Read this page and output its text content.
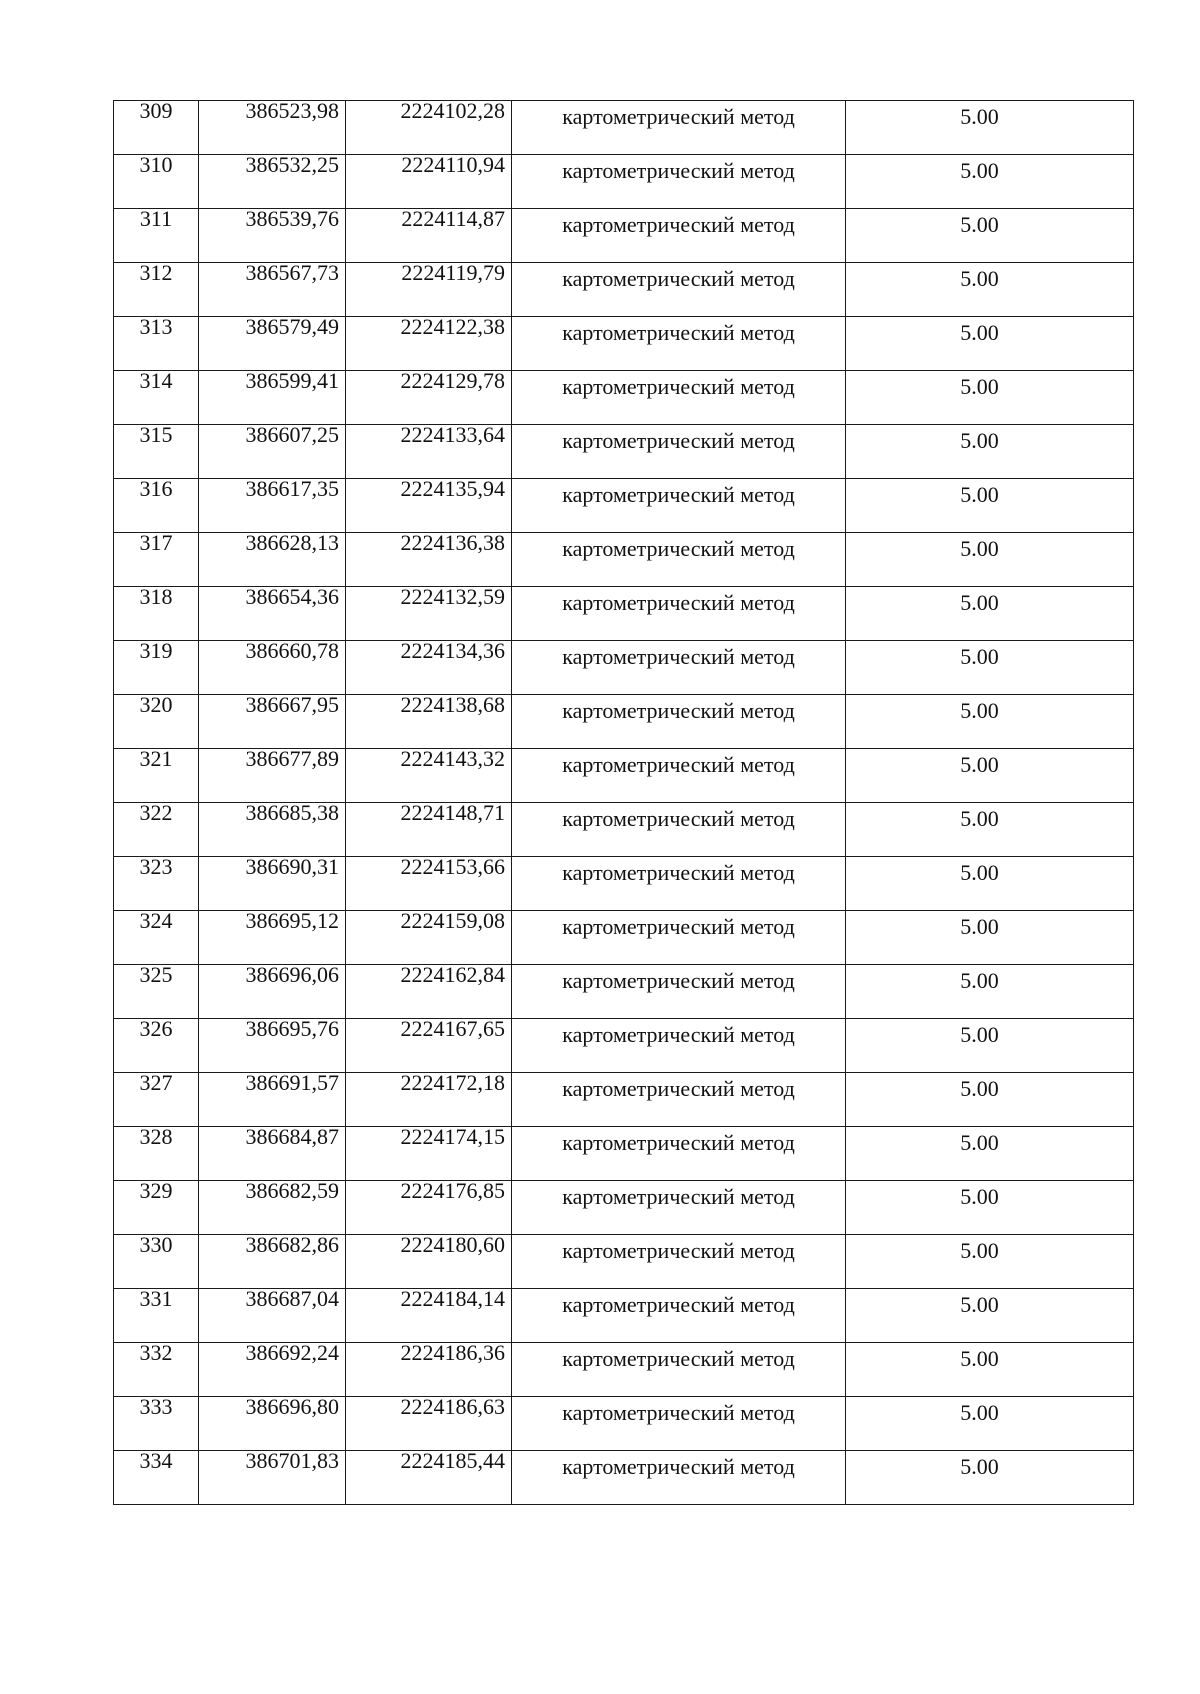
309	386523,98	2224102,28	картометрический метод	5.00

310	386532,25	2224110,94	картометрический метод	5.00

311	386539,76	2224114,87	картометрический метод	5.00

312	386567,73	2224119,79	картометрический метод	5.00

313	386579,49	2224122,38	картометрический метод	5.00

314	386599,41	2224129,78	картометрический метод	5.00

315	386607,25	2224133,64	картометрический метод	5.00

316	386617,35	2224135,94	картометрический метод	5.00

317	386628,13	2224136,38	картометрический метод	5.00

318	386654,36	2224132,59	картометрический метод	5.00

319	386660,78	2224134,36	картометрический метод	5.00

320	386667,95	2224138,68	картометрический метод	5.00

321	386677,89	2224143,32	картометрический метод	5.00

322	386685,38	2224148,71	картометрический метод	5.00

323	386690,31	2224153,66	картометрический метод	5.00

324	386695,12	2224159,08	картометрический метод	5.00

325	386696,06	2224162,84	картометрический метод	5.00

326	386695,76	2224167,65	картометрический метод	5.00

327	386691,57	2224172,18	картометрический метод	5.00

328	386684,87	2224174,15	картометрический метод	5.00

329	386682,59	2224176,85	картометрический метод	5.00

330	386682,86	2224180,60	картометрический метод	5.00

331	386687,04	2224184,14	картометрический метод	5.00

332	386692,24	2224186,36	картометрический метод	5.00

333	386696,80	2224186,63	картометрический метод	5.00

334	386701,83	2224185,44	картометрический метод	5.00
